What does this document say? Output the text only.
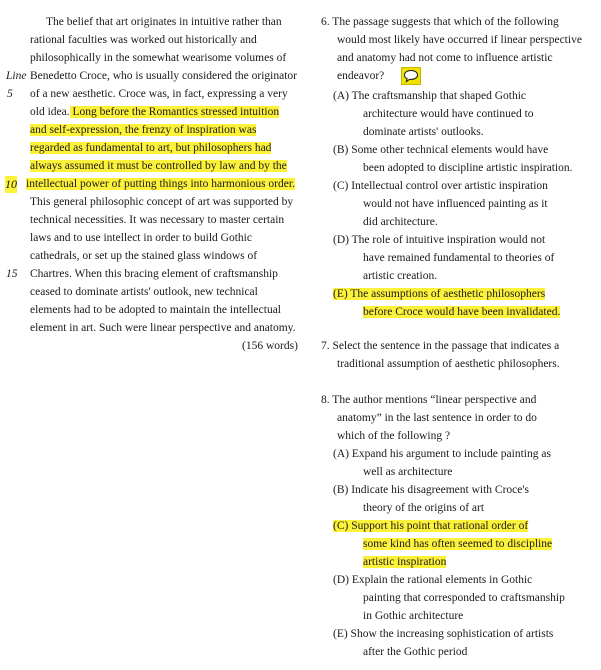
The belief that art originates in intuitive rather than
rational faculties was worked out historically and
philosophically in the somewhat wearisome volumes of
Benedetto Croce, who is usually considered the originator
of a new aesthetic. Croce was, in fact, expressing a very
old idea. Long before the Romantics stressed intuition
and self-expression, the frenzy of inspiration was
regarded as fundamental to art, but philosophers had
always assumed it must be controlled by law and by the
intellectual power of putting things into harmonious order.
This general philosophic concept of art was supported by
technical necessities. It was necessary to master certain
laws and to use intellect in order to build Gothic
cathedrals, or set up the stained glass windows of
Chartres. When this bracing element of craftsmanship
ceased to dominate artists' outlook, new technical
elements had to be adopted to maintain the intellectual
element in art. Such were linear perspective and anatomy.
Line
5
10
15
(156 words)
6. The passage suggests that which of the following
would most likely have occurred if linear perspective
and anatomy had not come to influence artistic
endeavor?
(A) The craftsmanship that shaped Gothic
architecture would have continued to
dominate artists' outlooks.
(B) Some other technical elements would have
been adopted to discipline artistic inspiration.
(C) Intellectual control over artistic inspiration
would not have influenced painting as it
did architecture.
(D) The role of intuitive inspiration would not
have remained fundamental to theories of
artistic creation.
(E) The assumptions of aesthetic philosophers
before Croce would have been invalidated.
7. Select the sentence in the passage that indicates a
traditional assumption of aesthetic philosophers.
8. The author mentions “linear perspective and
anatomy” in the last sentence in order to do
which of the following ?
(A) Expand his argument to include painting as
well as architecture
(B) Indicate his disagreement with Croce's
theory of the origins of art
(C) Support his point that rational order of
some kind has often seemed to discipline
artistic inspiration
(D) Explain the rational elements in Gothic
painting that corresponded to craftsmanship
in Gothic architecture
(E) Show the increasing sophistication of artists
after the Gothic period
